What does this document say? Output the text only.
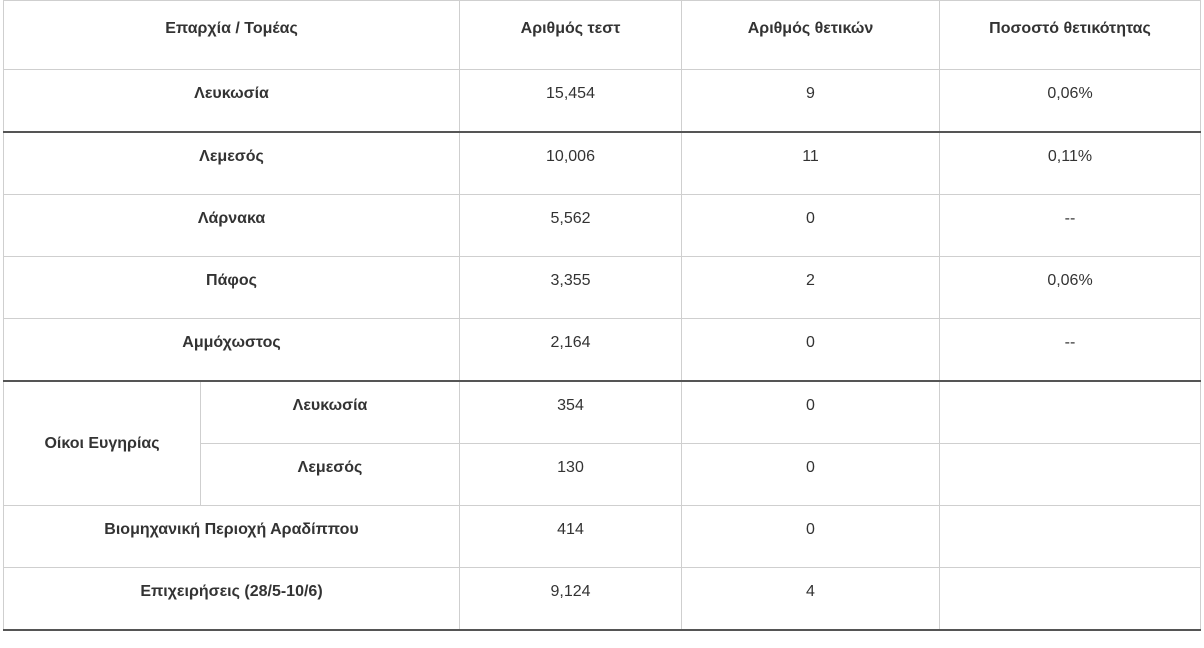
Επαρχία / Τομέας		Αριθμός τεστ	Αριθμός θετικών	Ποσοστό θετικότητας
Λευκωσία		15,454	9	0,06%
Λεμεσός		10,006	11	0,11%
Λάρνακα		5,562	0	--
Πάφος		3,355	2	0,06%
Αμμόχωστος		2,164	0	--
Οίκοι Ευγηρίας	Λευκωσία	354	0	
	Λεμεσός	130	0	
Βιομηχανική Περιοχή Αραδίππου		414	0	
Επιχειρήσεις (28/5-10/6)		9,124	4	
